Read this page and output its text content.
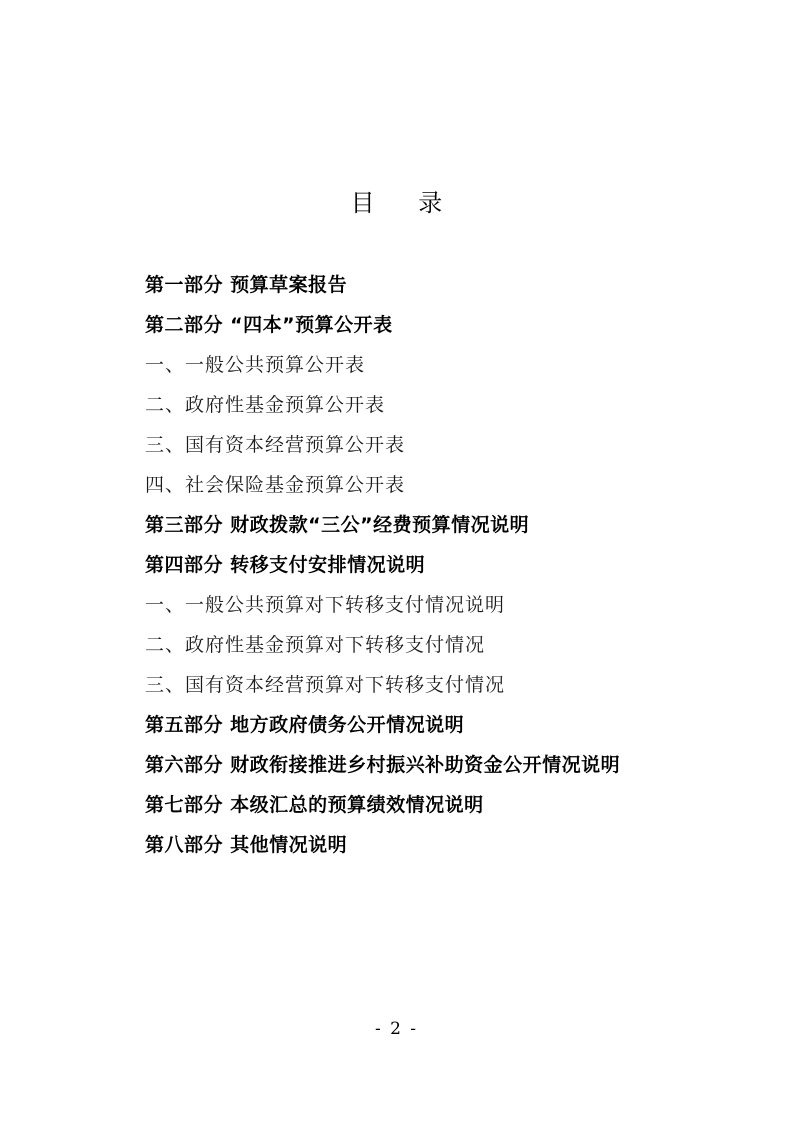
目 录
第一部分 预算草案报告
第二部分 “四本”预算公开表
一、一般公共预算公开表
二、政府性基金预算公开表
三、国有资本经营预算公开表
四、社会保险基金预算公开表
第三部分 财政拨款“三公”经费预算情况说明
第四部分 转移支付安排情况说明
一、一般公共预算对下转移支付情况说明
二、政府性基金预算对下转移支付情况
三、国有资本经营预算对下转移支付情况
第五部分 地方政府债务公开情况说明
第六部分 财政衔接推进乡村振兴补助资金公开情况说明
第七部分 本级汇总的预算绩效情况说明
第八部分 其他情况说明
- 2 -
